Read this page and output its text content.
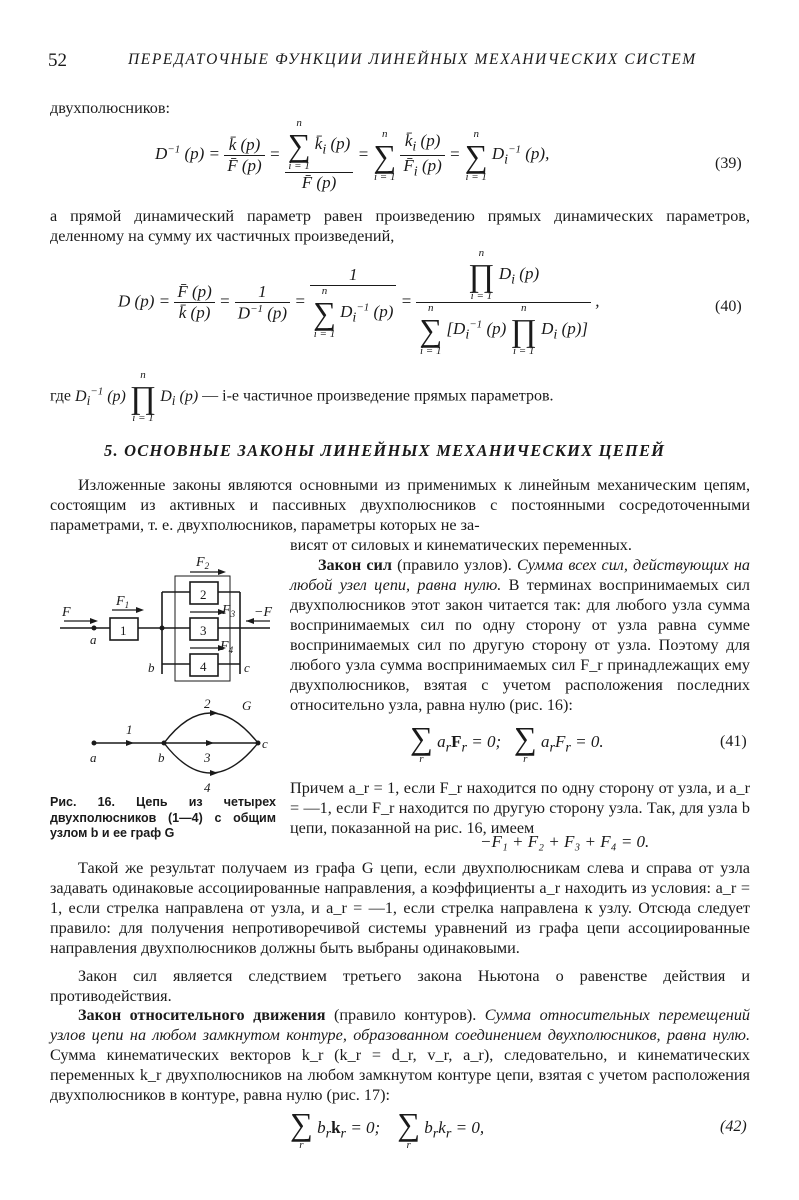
52	ПЕРЕДАТОЧНЫЕ ФУНКЦИИ ЛИНЕЙНЫХ МЕХАНИЧЕСКИХ СИСТЕМ
двухполюсников:
$D^{-1}$ $(p) = \frac{k̄ (p)}{F̄ (p)} = n$
∑
i = 1
$k̄_i$ (p)
F̄ (p) =
n
∑
i = 1
$\frac{k̄_i (p)}{F̄_i (p)}$ =
n
∑
i = 1
$D_i^{-1}$ (p),
(39)
а прямой динамический параметр равен произведению прямых динамических параметров, деленному на сумму их частичных произведений,
D $(p) = \frac{F̄ (p)}{k̄ (p)} = \frac{1}{D^{-1} (p)} = 1$
n
∑
i = 1
$D_i^{-1}$ (p) = n
∏
i = 1
$D_i$ (p)
n
∑
i = 1
[$D_i^{-1}$ (p)
n
∏
i = 1
$D_i$ (p)] ,	(40)
где $D_i^{-1}$ (p)
n
∏
i = 1
$D_i$ (p) — i-е частичное произведение прямых параметров.
5. ОСНОВНЫЕ ЗАКОНЫ ЛИНЕЙНЫХ МЕХАНИЧЕСКИХ ЦЕПЕЙ
Изложенные законы являются основными из применимых к линейным механическим цепям, состоящим из активных и пассивных двухполюсников с постоянными сосредоточенными параметрами, т. е. двухполюсников, параметры которых не за-
висят от силовых и кинематических переменных.
Закон сил (правило узлов). Сумма всех сил, действующих на любой узел цепи, равна нулю. В терминах воспринимаемых сил двухполюсников этот закон читается так: для любого узла сумма воспринимаемых сил по одну сторону от узла равна сумме воспринимаемых сил по другую сторону от узла. Поэтому для любого узла сумма воспринимаемых сил F_r принадлежащих ему двухполюсников, взятая с учетом расположения последних относительно узла, равна нулю (рис. 16):
∑
r
$a_rF_r = 0$; ∑
r
$a_rF_r = 0$.	(41)
Причем a_r = 1, если F_r находится по одну сторону от узла, и a_r = —1, если F_r находится по другую сторону узла. Так, для узла b цепи, показанной на рис. 16, имеем
−F₁ + F₂ + F₃ + F₄ = 0.
F
$F_1$
$F_2$
$F_3$
$F_4$
−F
1
2
3
4
a
b	c
G
1
2
3
4
a	b
c
Рис. 16. Цепь из четырех двухполюсников (1—4) с общим узлом b и ее граф G
Такой же результат получаем из графа G цепи, если двухполюсникам слева и справа от узла задавать одинаковые ассоциированные направления, а коэффициенты a_r находить из условия: a_r = 1, если стрелка направлена от узла, и a_r = —1, если стрелка направлена к узлу. Отсюда следует правило: для получения непротиворечивой системы уравнений из графа цепи ассоциированные направления двухполюсников должны быть выбраны одинаковыми.
Закон сил является следствием третьего закона Ньютона о равенстве действия и противодействия.
Закон относительного движения (правило контуров). Сумма относительных перемещений узлов цепи на любом замкнутом контуре, образованном соединением двухполюсников, равна нулю. Сумма кинематических векторов k_r (k_r = d_r, v_r, a_r), следовательно, и кинематических переменных k_r двухполюсников на любом замкнутом контуре цепи, взятая с учетом расположения двухполюсников в контуре, равна нулю (рис. 17):
∑
r
$b_rk_r = 0$; ∑
r
$b_rk_r = 0$,	(42)
